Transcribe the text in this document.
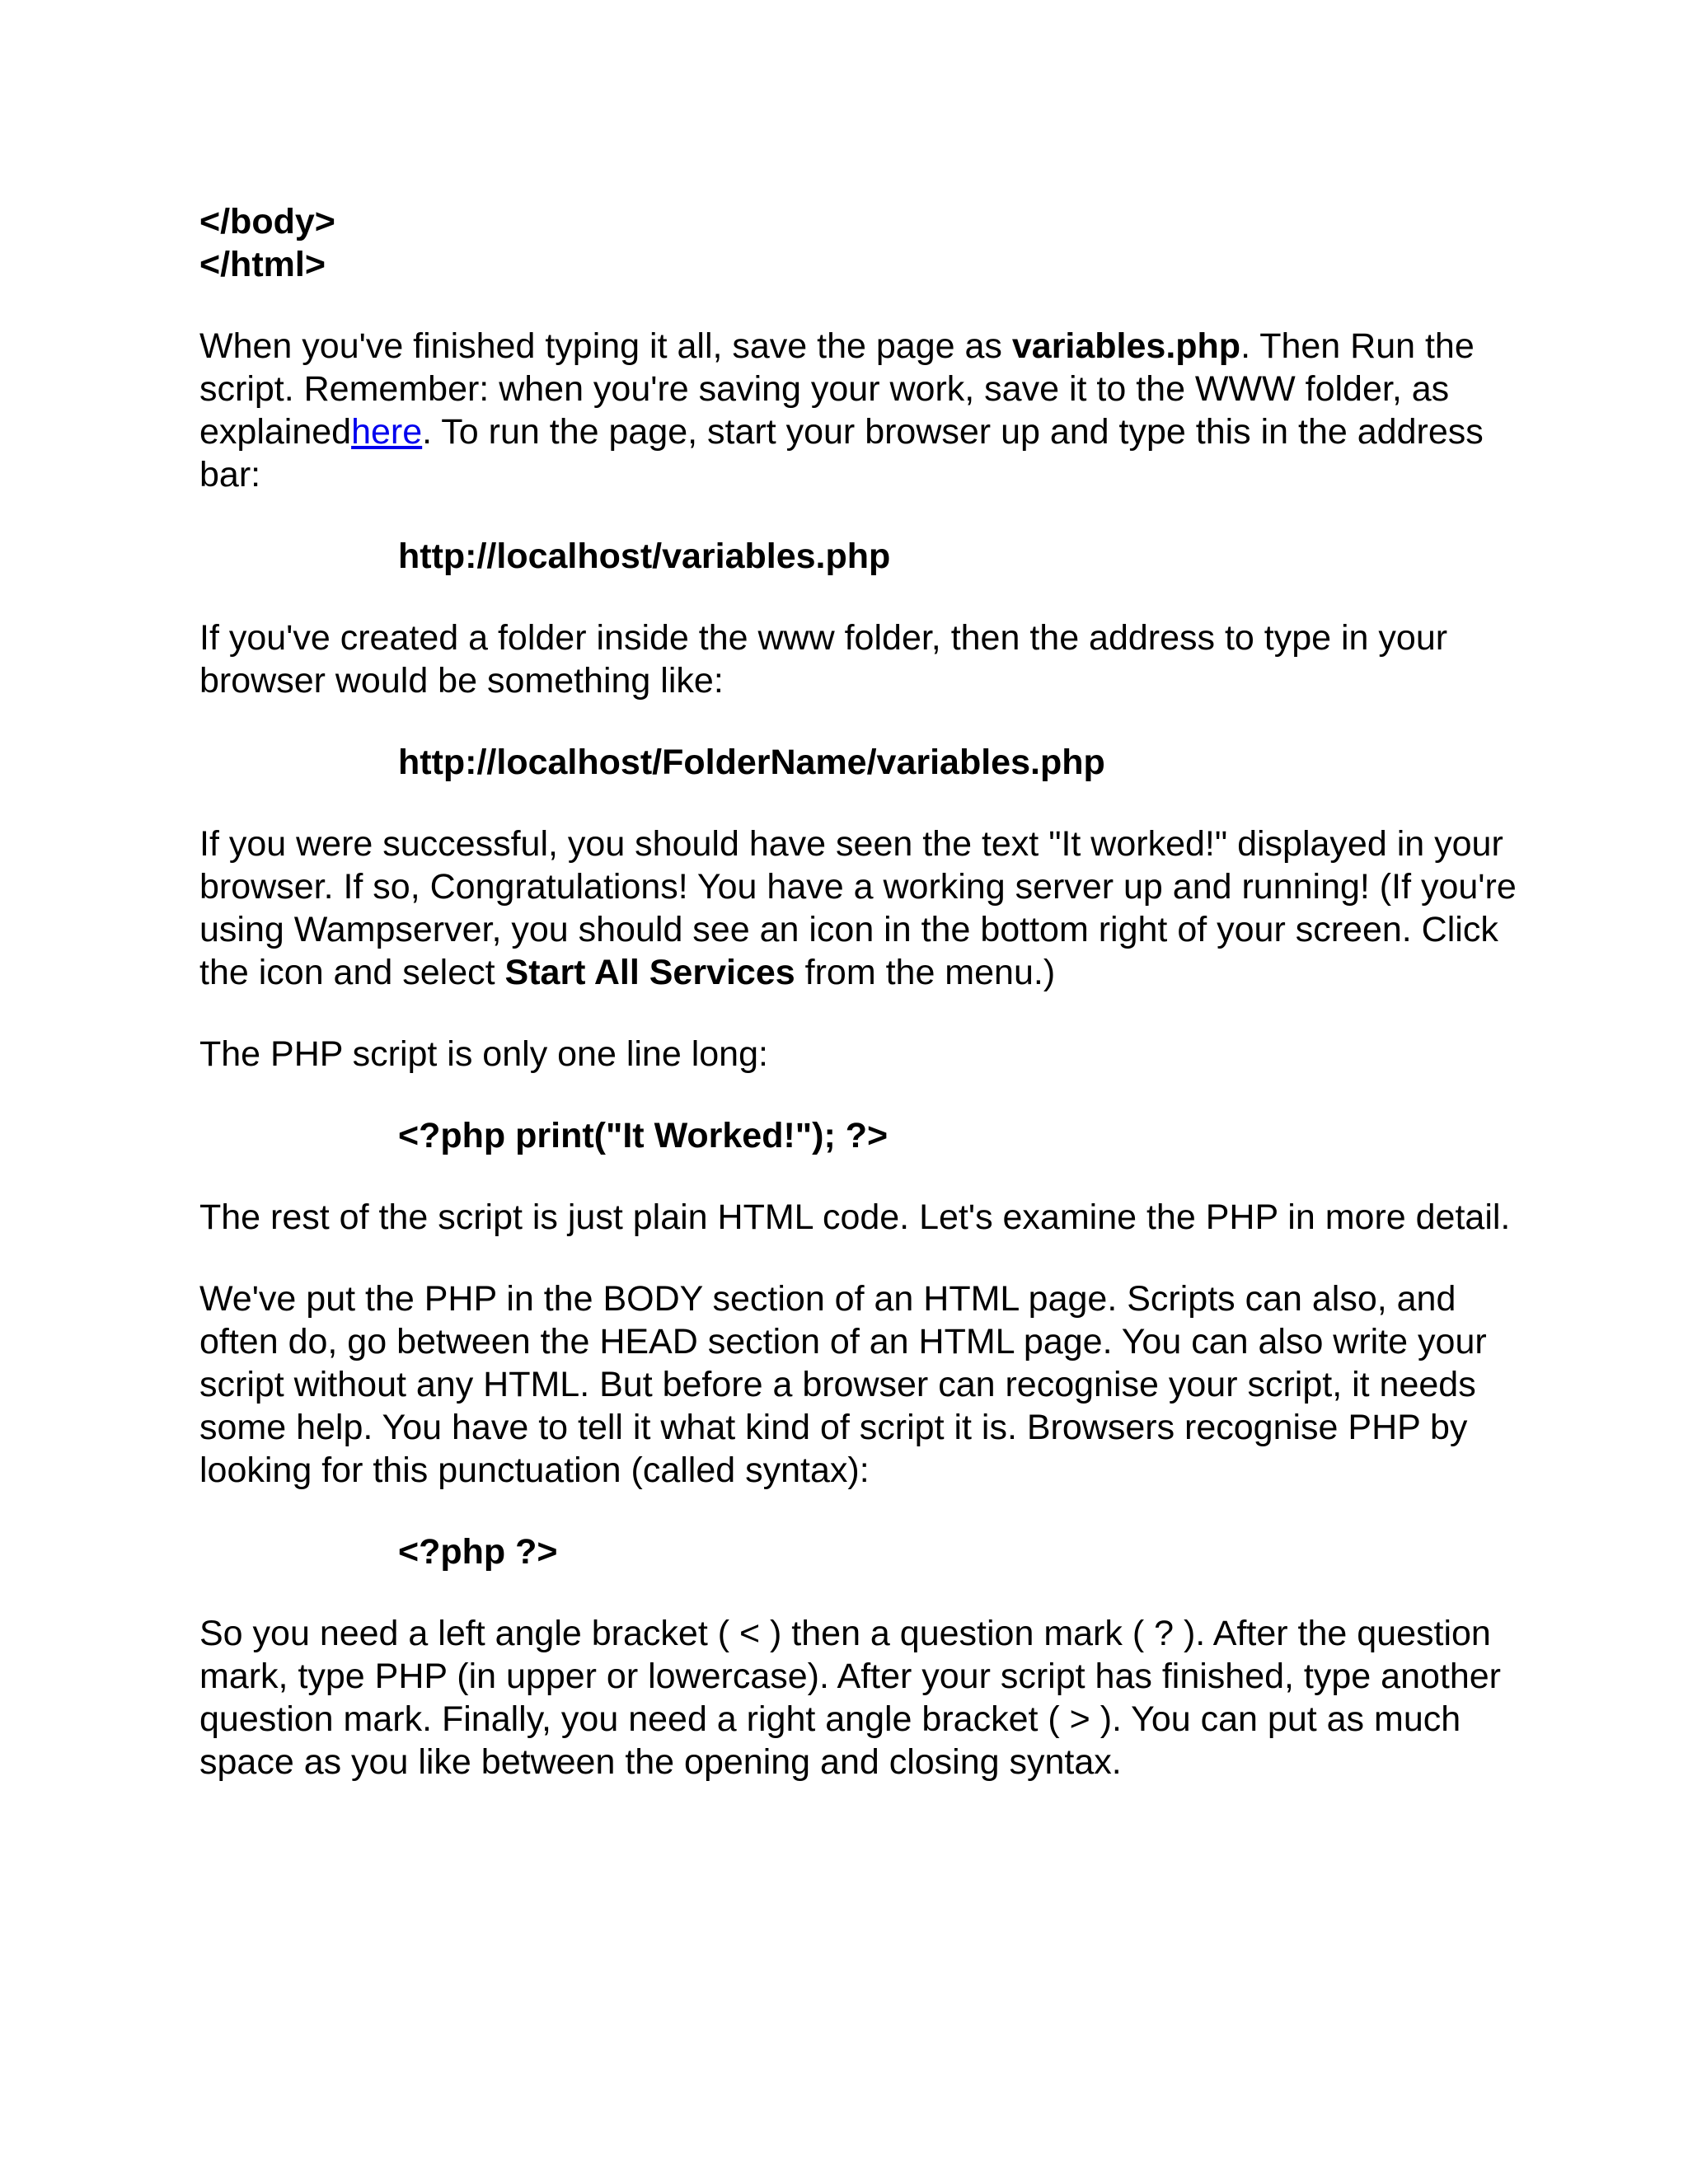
</body>
</html>

When you've finished typing it all, save the page as variables.php. Then Run the script. Remember: when you're saving your work, save it to the WWW folder, as explainedhere. To run the page, start your browser up and type this in the address bar:

http://localhost/variables.php

If you've created a folder inside the www folder, then the address to type in your browser would be something like:

http://localhost/FolderName/variables.php

If you were successful, you should have seen the text "It worked!" displayed in your browser. If so, Congratulations! You have a working server up and running! (If you're using Wampserver, you should see an icon in the bottom right of your screen. Click the icon and select Start All Services from the menu.)

The PHP script is only one line long:

<?php print("It Worked!"); ?>

The rest of the script is just plain HTML code. Let's examine the PHP in more detail.

We've put the PHP in the BODY section of an HTML page. Scripts can also, and often do, go between the HEAD section of an HTML page. You can also write your script without any HTML. But before a browser can recognise your script, it needs some help. You have to tell it what kind of script it is. Browsers recognise PHP by looking for this punctuation (called syntax):

<?php ?>

So you need a left angle bracket ( < ) then a question mark ( ? ). After the question mark, type PHP (in upper or lowercase). After your script has finished, type another question mark. Finally, you need a right angle bracket ( > ). You can put as much space as you like between the opening and closing syntax.
